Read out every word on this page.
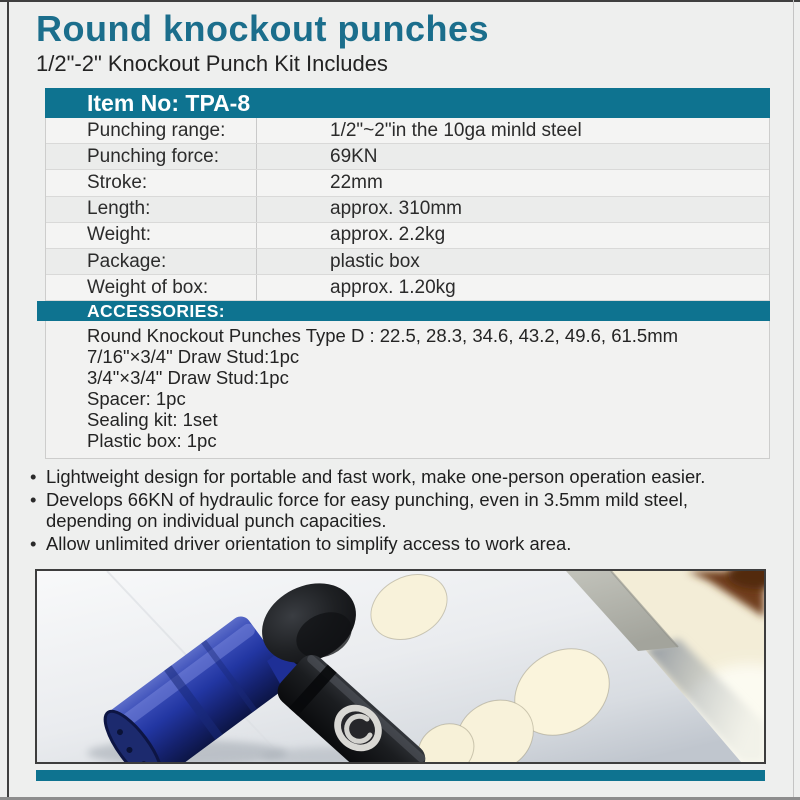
Round knockout punches
1/2"-2" Knockout Punch Kit Includes
Item No: TPA-8
Punching range:	1/2"~2"in the 10ga minld steel
Punching force:	69KN
Stroke:	22mm
Length:	approx. 310mm
Weight:	approx. 2.2kg
Package:	plastic box
Weight of box:	approx. 1.20kg
ACCESSORIES:
Round Knockout Punches Type D : 22.5, 28.3, 34.6, 43.2, 49.6, 61.5mm
7/16"×3/4" Draw Stud:1pc
3/4"×3/4" Draw Stud:1pc
Spacer: 1pc
Sealing kit: 1set
Plastic box: 1pc
• Lightweight design for portable and fast work, make one-person operation easier.
• Develops 66KN of hydraulic force for easy punching, even in 3.5mm mild steel, depending on individual punch capacities.
• Allow unlimited driver orientation to simplify access to work area.
